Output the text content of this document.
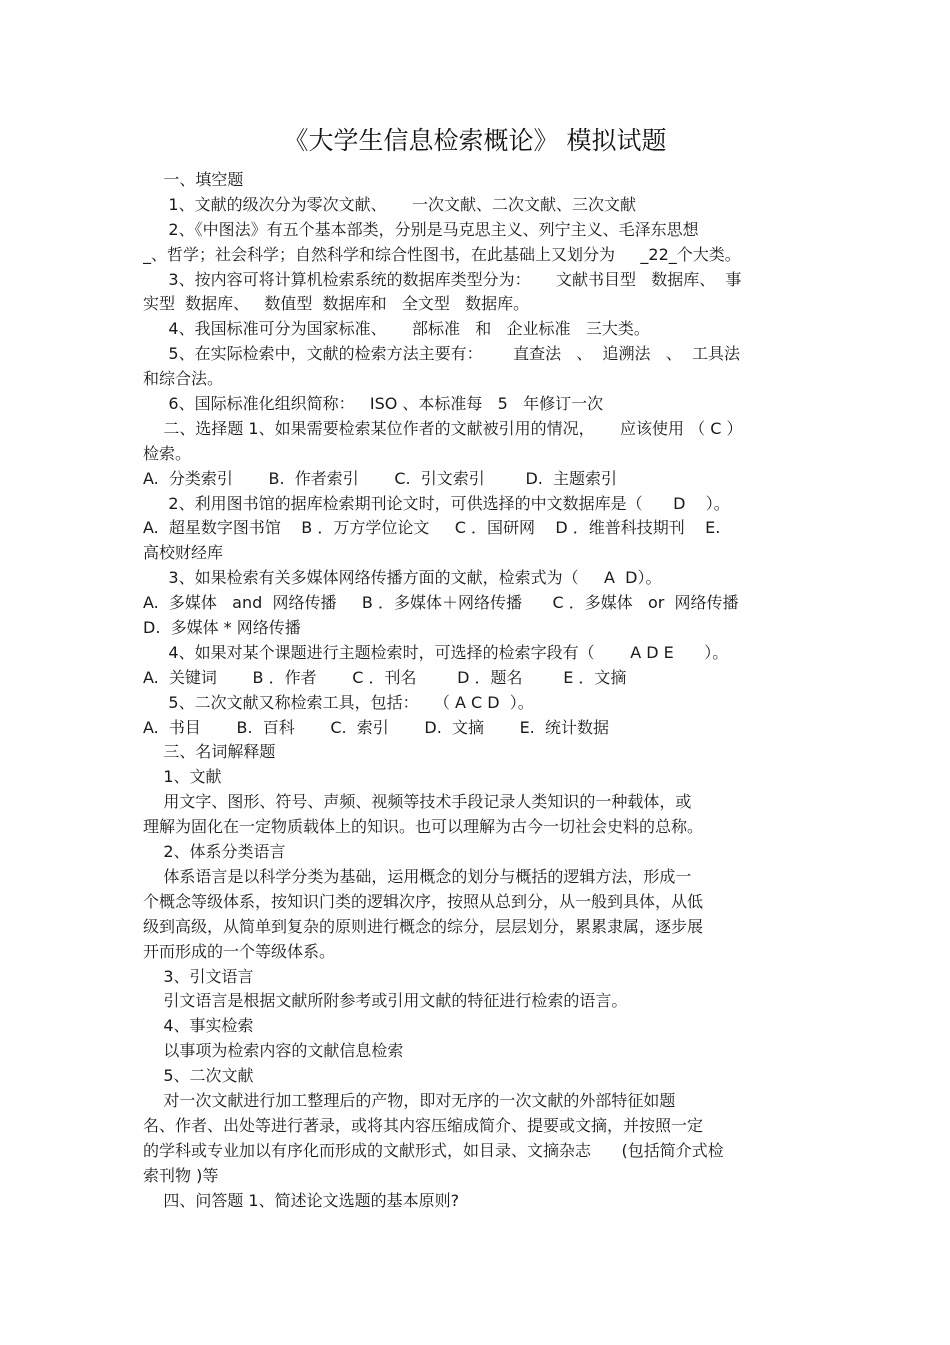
《大学生信息检索概论》 模拟试题
一、填空题
1、文献的级次分为零次文献、     一次文献、二次文献、三次文献
2、《中图法》有五个基本部类，分别是马克思主义、列宁主义、毛泽东思想
_、哲学；社会科学；自然科学和综合性图书，在此基础上又划分为     _22_个大类。
3、按内容可将计算机检索系统的数据库类型分为：     文献书目型   数据库、  事
实型  数据库、   数值型  数据库和   全文型   数据库。
4、我国标准可分为国家标准、     部标准   和   企业标准   三大类。
5、在实际检索中，文献的检索方法主要有：      直查法   、  追溯法   、  工具法
和综合法。
6、国际标准化组织简称：   ISO 、本标准每   5   年修订一次
二、选择题 1、如果需要检索某位作者的文献被引用的情况，     应该使用 （ C ）
检索。
A.  分类索引       B.  作者索引       C.  引文索引        D.  主题索引
2、利用图书馆的据库检索期刊论文时，可供选择的中文数据库是（      D    ）。
A.  超星数字图书馆    B ．万方学位论文     C ．国研网    D ．维普科技期刊    E.
高校财经库
3、如果检索有关多媒体网络传播方面的文献，检索式为（     A  D）。
A.  多媒体   and  网络传播     B ．多媒体＋网络传播      C ．多媒体   or  网络传播
D.  多媒体 * 网络传播
4、如果对某个课题进行主题检索时，可选择的检索字段有（       A D E      ）。
A.  关键词       B ．作者       C ．刊名        D ．题名        E ．文摘
5、二次文献又称检索工具，包括：   （ A C D  ）。
A.  书目       B.  百科       C.  索引       D.  文摘       E.  统计数据
三、名词解释题
1、文献
用文字、图形、符号、声频、视频等技术手段记录人类知识的一种载体，或
理解为固化在一定物质载体上的知识。也可以理解为古今一切社会史料的总称。
2、体系分类语言
体系语言是以科学分类为基础，运用概念的划分与概括的逻辑方法，形成一
个概念等级体系，按知识门类的逻辑次序，按照从总到分，从一般到具体，从低
级到高级，从简单到复杂的原则进行概念的综分，层层划分，累累隶属，逐步展
开而形成的一个等级体系。
3、引文语言
引文语言是根据文献所附参考或引用文献的特征进行检索的语言。
4、事实检索
以事项为检索内容的文献信息检索
5、二次文献
对一次文献进行加工整理后的产物，即对无序的一次文献的外部特征如题
名、作者、出处等进行著录，或将其内容压缩成简介、提要或文摘，并按照一定
的学科或专业加以有序化而形成的文献形式，如目录、文摘杂志      (包括简介式检
索刊物 )等
四、问答题 1、简述论文选题的基本原则?
